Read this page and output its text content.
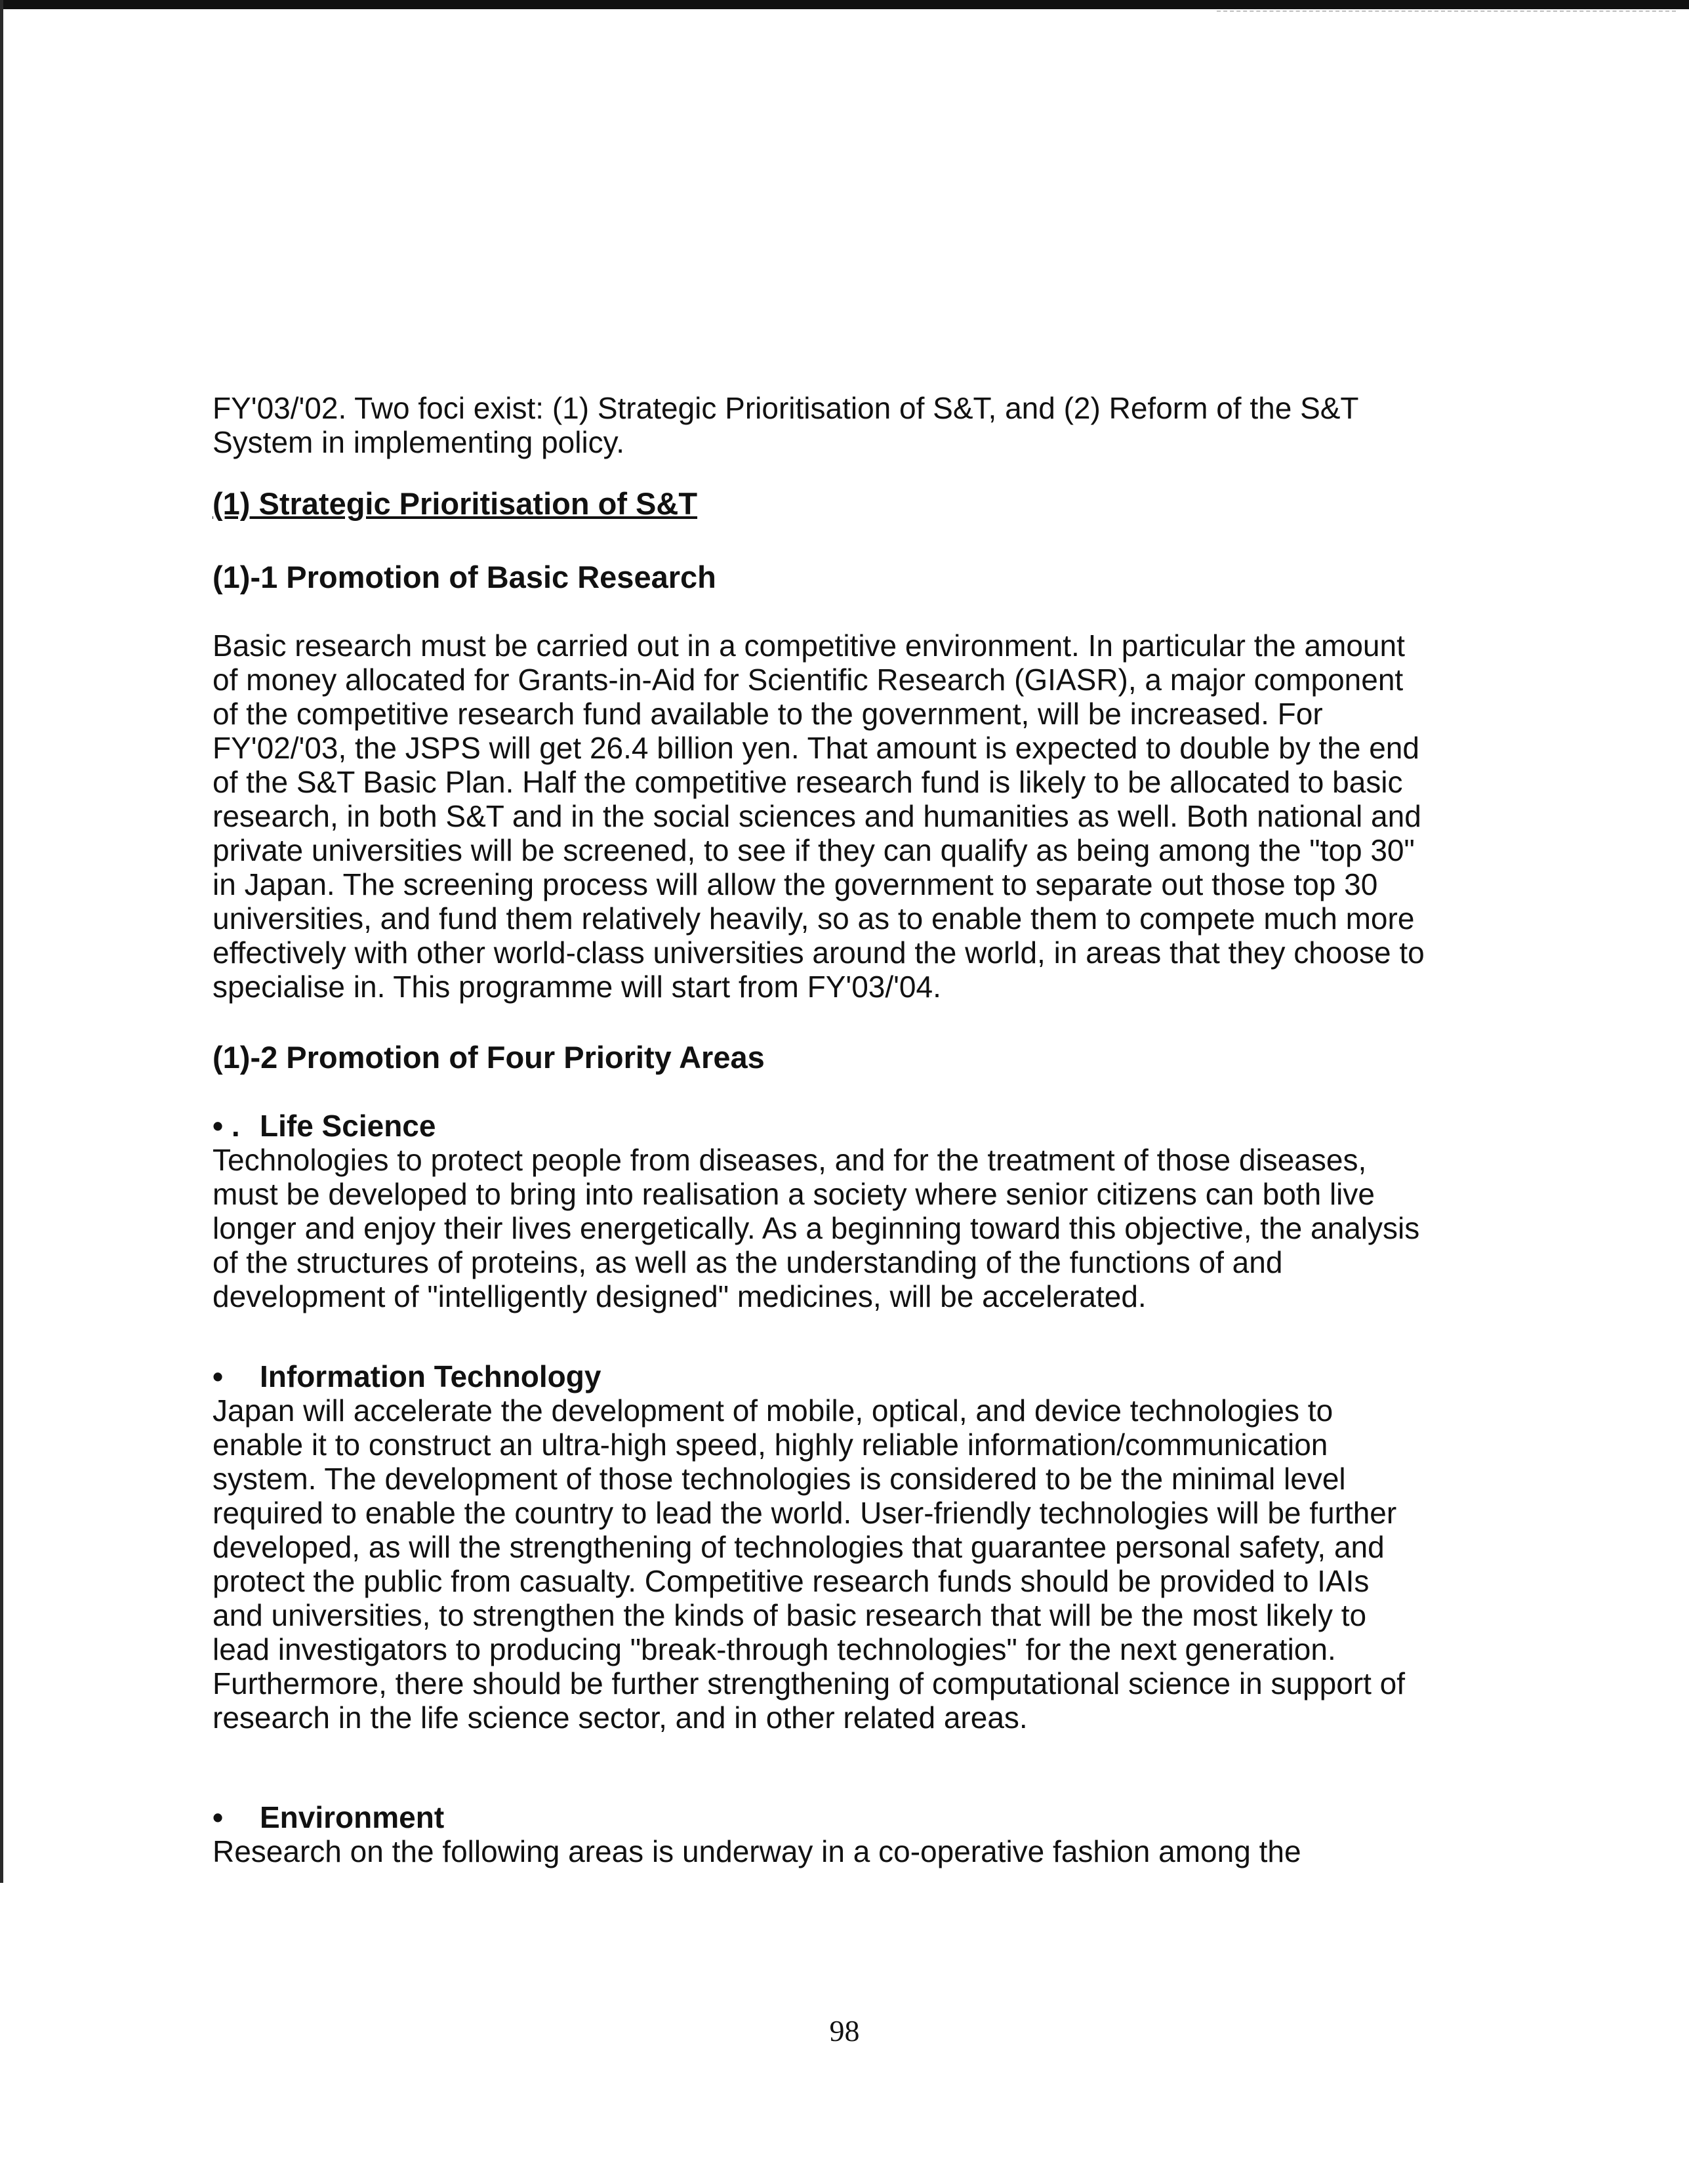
FY'03/'02. Two foci exist: (1) Strategic Prioritisation of S&T, and (2) Reform of the S&T System in implementing policy.

(1) Strategic Prioritisation of S&T
(1)-1 Promotion of Basic Research

Basic research must be carried out in a competitive environment. In particular the amount of money allocated for Grants-in-Aid for Scientific Research (GIASR), a major component of the competitive research fund available to the government, will be increased. For FY'02/'03, the JSPS will get 26.4 billion yen. That amount is expected to double by the end of the S&T Basic Plan. Half the competitive research fund is likely to be allocated to basic research, in both S&T and in the social sciences and humanities as well. Both national and private universities will be screened, to see if they can qualify as being among the "top 30" in Japan. The screening process will allow the government to separate out those top 30 universities, and fund them relatively heavily, so as to enable them to compete much more effectively with other world-class universities around the world, in areas that they choose to specialise in. This programme will start from FY'03/'04.

(1)-2 Promotion of Four Priority Areas
• . Life Science

Technologies to protect people from diseases, and for the treatment of those diseases, must be developed to bring into realisation a society where senior citizens can both live longer and enjoy their lives energetically. As a beginning toward this objective, the analysis of the structures of proteins, as well as the understanding of the functions of and development of "intelligently designed" medicines, will be accelerated.

•	Information Technology

Japan will accelerate the development of mobile, optical, and device technologies to enable it to construct an ultra-high speed, highly reliable information/communication system. The development of those technologies is considered to be the minimal level required to enable the country to lead the world. User-friendly technologies will be further developed, as will the strengthening of technologies that guarantee personal safety, and protect the public from casualty. Competitive research funds should be provided to IAIs and universities, to strengthen the kinds of basic research that will be the most likely to lead investigators to producing "break-through technologies" for the next generation. Furthermore, there should be further strengthening of computational science in support of research in the life science sector, and in other related areas.

•	Environment

Research on the following areas is underway in a co-operative fashion among the

98
